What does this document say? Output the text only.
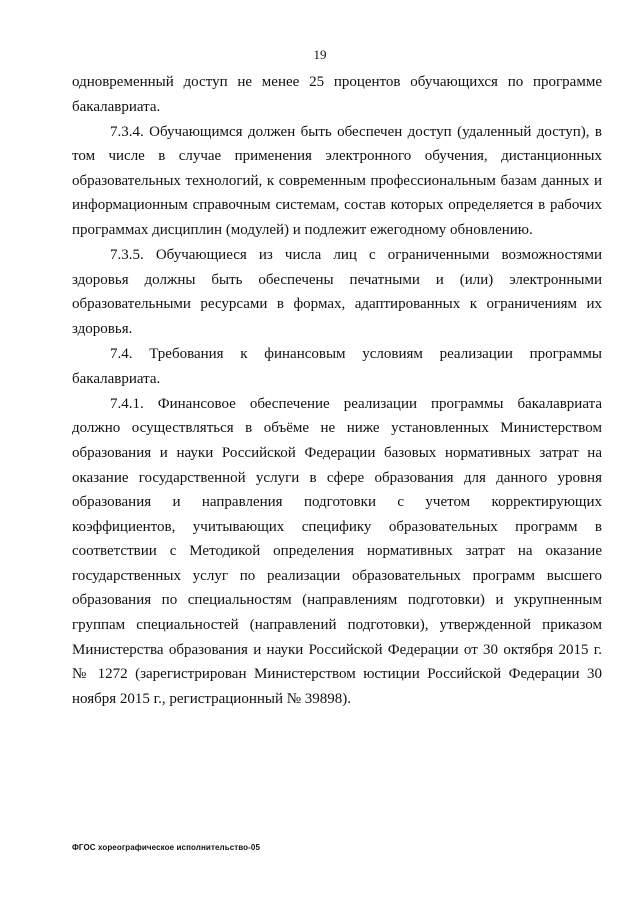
19

одновременный доступ не менее 25 процентов обучающихся по программе бакалавриата.

7.3.4. Обучающимся должен быть обеспечен доступ (удаленный доступ), в том числе в случае применения электронного обучения, дистанционных образовательных технологий, к современным профессиональным базам данных и информационным справочным системам, состав которых определяется в рабочих программах дисциплин (модулей) и подлежит ежегодному обновлению.

7.3.5. Обучающиеся из числа лиц с ограниченными возможностями здоровья должны быть обеспечены печатными и (или) электронными образовательными ресурсами в формах, адаптированных к ограничениям их здоровья.

7.4. Требования к финансовым условиям реализации программы бакалавриата.

7.4.1. Финансовое обеспечение реализации программы бакалавриата должно осуществляться в объёме не ниже установленных Министерством образования и науки Российской Федерации базовых нормативных затрат на оказание государственной услуги в сфере образования для данного уровня образования и направления подготовки с учетом корректирующих коэффициентов, учитывающих специфику образовательных программ в соответствии с Методикой определения нормативных затрат на оказание государственных услуг по реализации образовательных программ высшего образования по специальностям (направлениям подготовки) и укрупненным группам специальностей (направлений подготовки), утвержденной приказом Министерства образования и науки Российской Федерации от 30 октября 2015 г. № 1272 (зарегистрирован Министерством юстиции Российской Федерации 30 ноября 2015 г., регистрационный № 39898).

ФГОС хореографическое исполнительство-05
